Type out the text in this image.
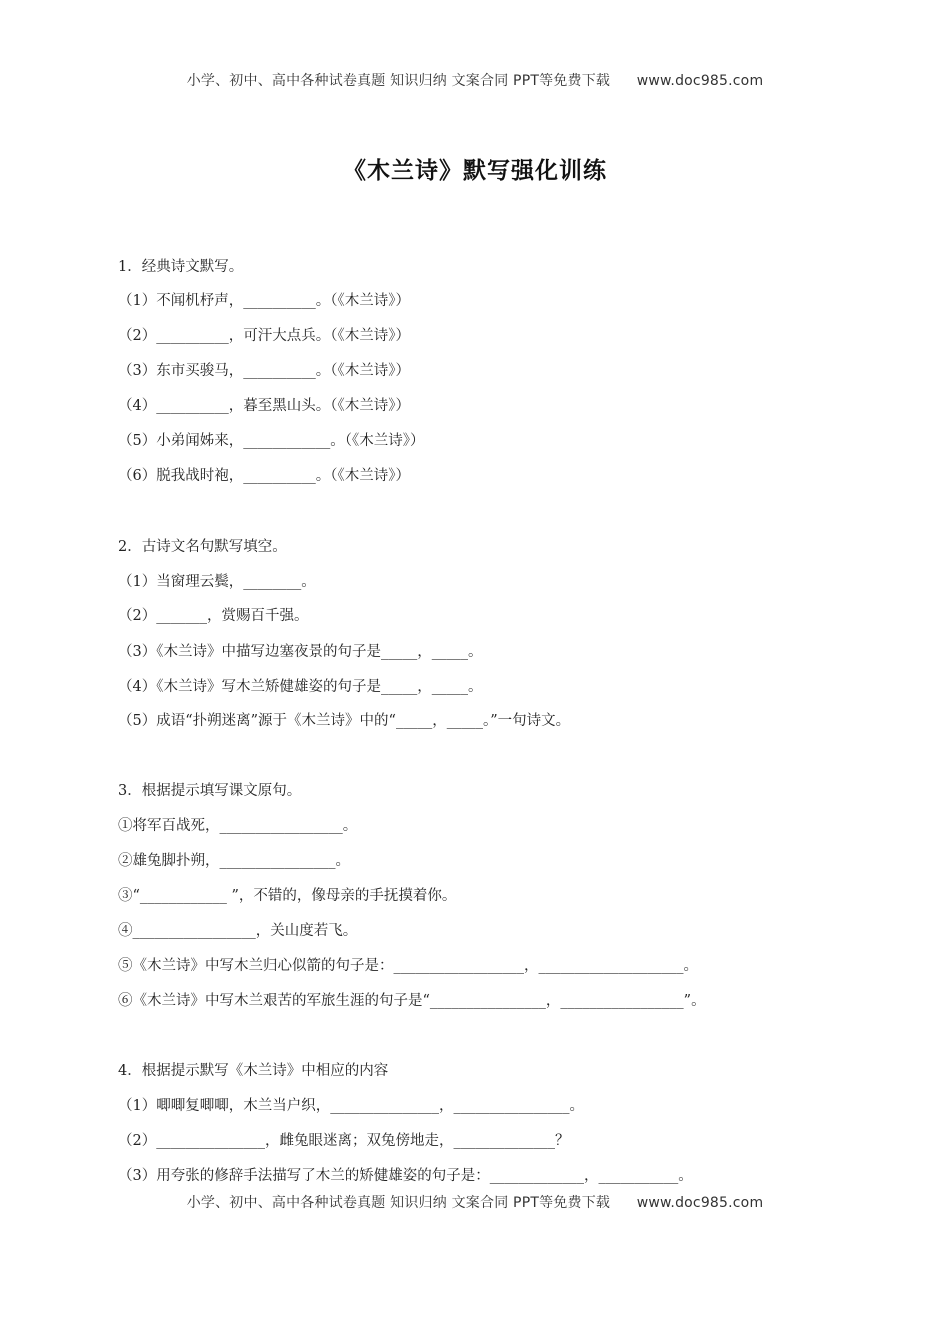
小学、初中、高中各种试卷真题 知识归纳 文案合同 PPT等免费下载 www.doc985.com
《木兰诗》默写强化训练
1．经典诗文默写。
（1）不闻机杼声，__________。（《木兰诗》）
（2）__________，可汗大点兵。（《木兰诗》）
（3）东市买骏马，__________。（《木兰诗》）
（4）__________，暮至黑山头。（《木兰诗》）
（5）小弟闻姊来，____________。（《木兰诗》）
（6）脱我战时袍，__________。（《木兰诗》）
2．古诗文名句默写填空。
（1）当窗理云鬓，________。
（2）_______，赏赐百千强。
（3）《木兰诗》中描写边塞夜景的句子是_____，_____。
（4）《木兰诗》写木兰矫健雄姿的句子是_____，_____。
（5）成语“扑朔迷离”源于《木兰诗》中的“_____，_____。”一句诗文。
3．根据提示填写课文原句。
①将军百战死，_________________。
②雄兔脚扑朔，________________。
③“____________ ”，不错的，像母亲的手抚摸着你。
④_________________，关山度若飞。
⑤《木兰诗》中写木兰归心似箭的句子是：__________________，____________________。
⑥《木兰诗》中写木兰艰苦的军旅生涯的句子是“________________，_________________”。
4．根据提示默写《木兰诗》中相应的内容
（1）唧唧复唧唧，木兰当户织，_______________，________________。
（2）_______________，雌兔眼迷离；双兔傍地走，______________？
（3）用夸张的修辞手法描写了木兰的矫健雄姿的句子是：_____________，___________。
小学、初中、高中各种试卷真题 知识归纳 文案合同 PPT等免费下载 www.doc985.com
